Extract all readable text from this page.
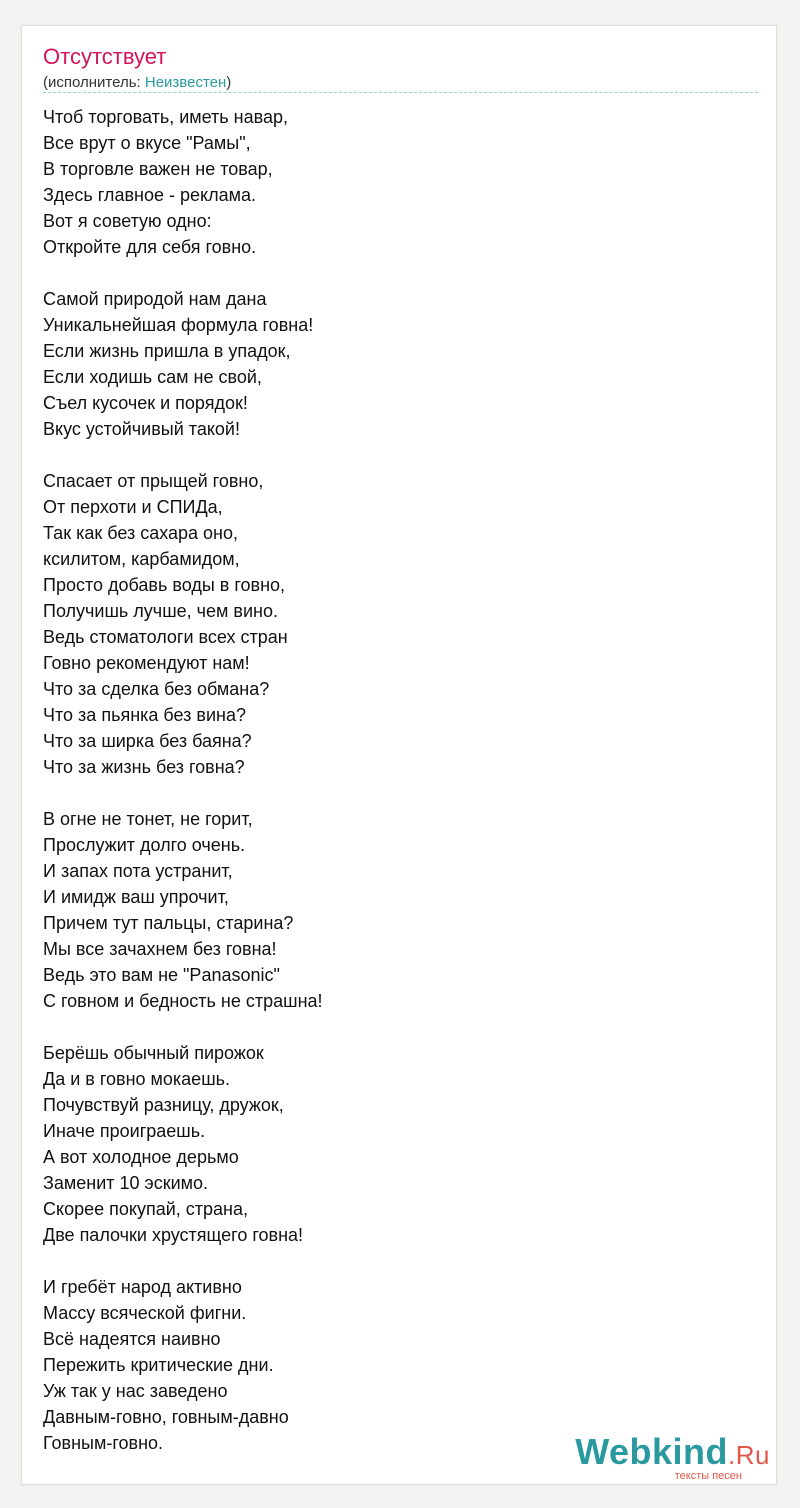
Отсутствует
(исполнитель: Неизвестен)
Чтоб торговать, иметь навар,
Все врут о вкусе "Рамы",
В торговле важен не товар,
Здесь главное - реклама.
Вот я советую одно:
Откройте для себя говно.
Самой природой нам дана
Уникальнейшая формула говна!
Если жизнь пришла в упадок,
Если ходишь сам не свой,
Съел кусочек и порядок!
Вкус устойчивый такой!
Спасает от прыщей говно,
От перхоти и СПИДа,
Так как без сахара оно,
ксилитом, карбамидом,
Просто добавь воды в говно,
Получишь лучше, чем вино.
Ведь стоматологи всех стран
Говно рекомендуют нам!
Что за сделка без обмана?
Что за пьянка без вина?
Что за ширка без баяна?
Что за жизнь без говна?
В огне не тонет, не горит,
Прослужит долго очень.
И запах пота устранит,
И имидж ваш упрочит,
Причем тут пальцы, старина?
Мы все зачахнем без говна!
Ведь это вам не "Panasonic"
С говном и бедность не страшна!
Берёшь обычный пирожок
Да и в говно мокаешь.
Почувствуй разницу, дружок,
Иначе проиграешь.
А вот холодное дерьмо
Заменит 10 эскимо.
Скорее покупай, страна,
Две палочки хрустящего говна!
И гребёт народ активно
Массу всяческой фигни.
Всё надеятся наивно
Пережить критические дни.
Уж так у нас заведено
Давным-говно, говным-давно
Говным-говно.	Webkind.Ru
тексты песен
